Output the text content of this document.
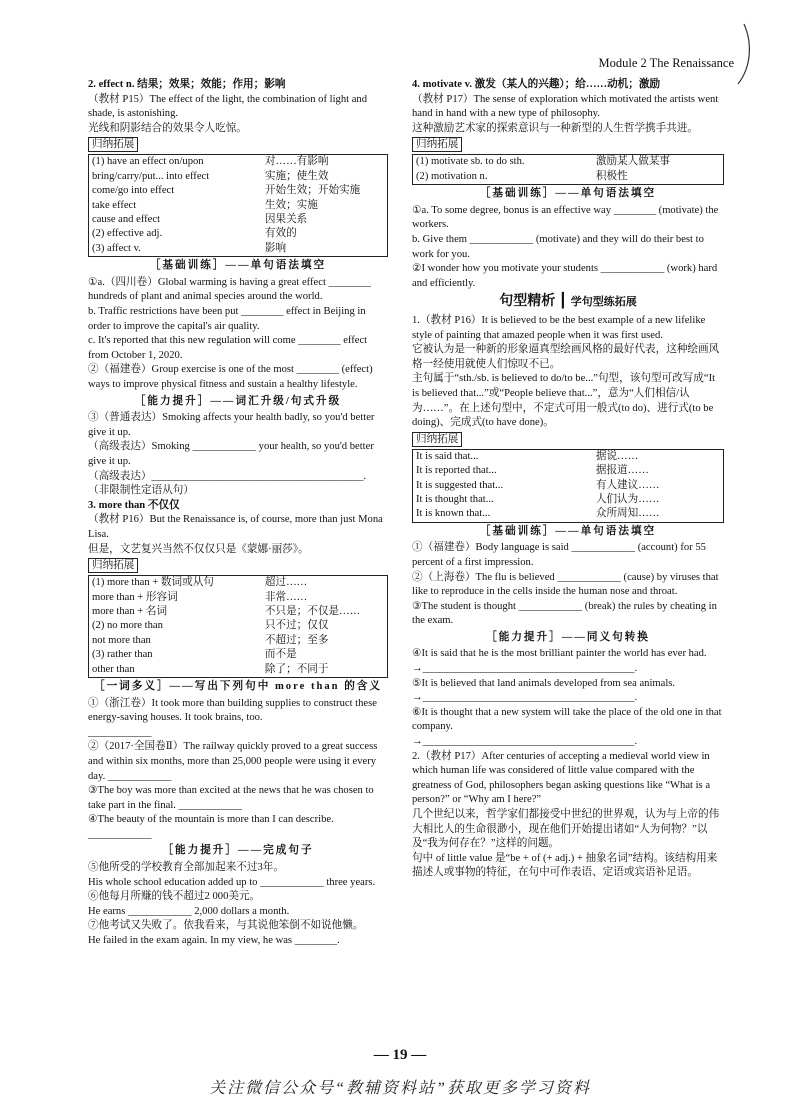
Module 2 The Renaissance

2. effect n. 结果；效果；效能；作用；影响

（教材 P15）The effect of the light, the combination of light and shade, is astonishing.

光线和阴影结合的效果令人吃惊。

归纳拓展
(1) have an effect on/upon	对……有影响
bring/carry/put... into effect	实施；使生效
come/go into effect	开始生效；开始实施
take effect	生效；实施
cause and effect	因果关系
(2) effective adj.	有效的
(3) affect v.	影响
［基础训练］——单句语法填空

①a.（四川卷）Global warming is having a great effect ________ hundreds of plant and animal species around the world.

b. Traffic restrictions have been put ________ effect in Beijing in order to improve the capital's air quality.

c. It's reported that this new regulation will come ________ effect from October 1, 2020.

②（福建卷）Group exercise is one of the most ________ (effect) ways to improve physical fitness and sustain a healthy lifestyle.

［能力提升］——词汇升级/句式升级

③（普通表达）Smoking affects your health badly, so you'd better give it up.

（高级表达）Smoking ____________ your health, so you'd better give it up.

（高级表达）________________________________________.

（非限制性定语从句）

3. more than 不仅仅

（教材 P16）But the Renaissance is, of course, more than just Mona Lisa.

但是，文艺复兴当然不仅仅只是《蒙娜·丽莎》。

归纳拓展
(1) more than + 数词或从句	超过……
more than + 形容词	非常……
more than + 名词	不只是；不仅是……
(2) no more than	只不过；仅仅
not more than	不超过；至多
(3) rather than	而不是
other than	除了；不同于
［一词多义］——写出下列句中 more than 的含义

①（浙江卷）It took more than building supplies to construct these energy-saving houses. It took brains, too.

____________

②（2017·全国卷Ⅱ）The railway quickly proved to a great success and within six months, more than 25,000 people were using it every day. ____________

③The boy was more than excited at the news that he was chosen to take part in the final. ____________

④The beauty of the mountain is more than I can describe. ____________

［能力提升］——完成句子

⑤他所受的学校教育全部加起来不过3年。

His whole school education added up to ____________ three years.

⑥他每月所赚的钱不超过2 000美元。

He earns ____________ 2,000 dollars a month.

⑦他考试又失败了。依我看来，与其说他笨倒不如说他懒。

He failed in the exam again. In my view, he was ________.

4. motivate v. 激发（某人的兴趣）；给……动机；激励

（教材 P17）The sense of exploration which motivated the artists went hand in hand with a new type of philosophy.

这种激励艺术家的探索意识与一种新型的人生哲学携手共进。

归纳拓展
(1) motivate sb. to do sth.	激励某人做某事
(2) motivation n.	积极性
［基础训练］——单句语法填空

①a. To some degree, bonus is an effective way ________ (motivate) the workers.

b. Give them ____________ (motivate) and they will do their best to work for you.

②I wonder how you motivate your students ____________ (work) hard and efficiently.

句型精析 ┃ 学句型练拓展

1.（教材 P16）It is believed to be the best example of a new lifelike style of painting that amazed people when it was first used.

它被认为是一种新的形象逼真型绘画风格的最好代表，这种绘画风格一经使用就使人们惊叹不已。

主句属于“sth./sb. is believed to do/to be...”句型，该句型可改写成“It is believed that...”或“People believe that...”，意为“人们相信/认为……”。在上述句型中，不定式可用一般式(to do)、进行式(to be doing)、完成式(to have done)。

归纳拓展
It is said that...	据说……
It is reported that...	据报道……
It is suggested that...	有人建议……
It is thought that...	人们认为……
It is known that...	众所周知……
［基础训练］——单句语法填空

①（福建卷）Body language is said ____________ (account) for 55 percent of a first impression.

②（上海卷）The flu is believed ____________ (cause) by viruses that like to reproduce in the cells inside the human nose and throat.

③The student is thought ____________ (break) the rules by cheating in the exam.

［能力提升］——同义句转换

④It is said that he is the most brilliant painter the world has ever had.

→________________________________________.

⑤It is believed that land animals developed from sea animals.

→________________________________________.

⑥It is thought that a new system will take the place of the old one in that company.

→________________________________________.

2.（教材 P17）After centuries of accepting a medieval world view in which human life was considered of little value compared with the greatness of God, philosophers began asking questions like “What is a person?” or “Why am I here?”

几个世纪以来，哲学家们都接受中世纪的世界观，认为与上帝的伟大相比人的生命很渺小，现在他们开始提出诸如“人为何物？”以及“我为何存在？”这样的问题。

句中 of little value 是“be + of (+ adj.) + 抽象名词”结构。该结构用来描述人或事物的特征，在句中可作表语、定语或宾语补足语。

— 19 —
关注微信公众号“教辅资料站”获取更多学习资料
